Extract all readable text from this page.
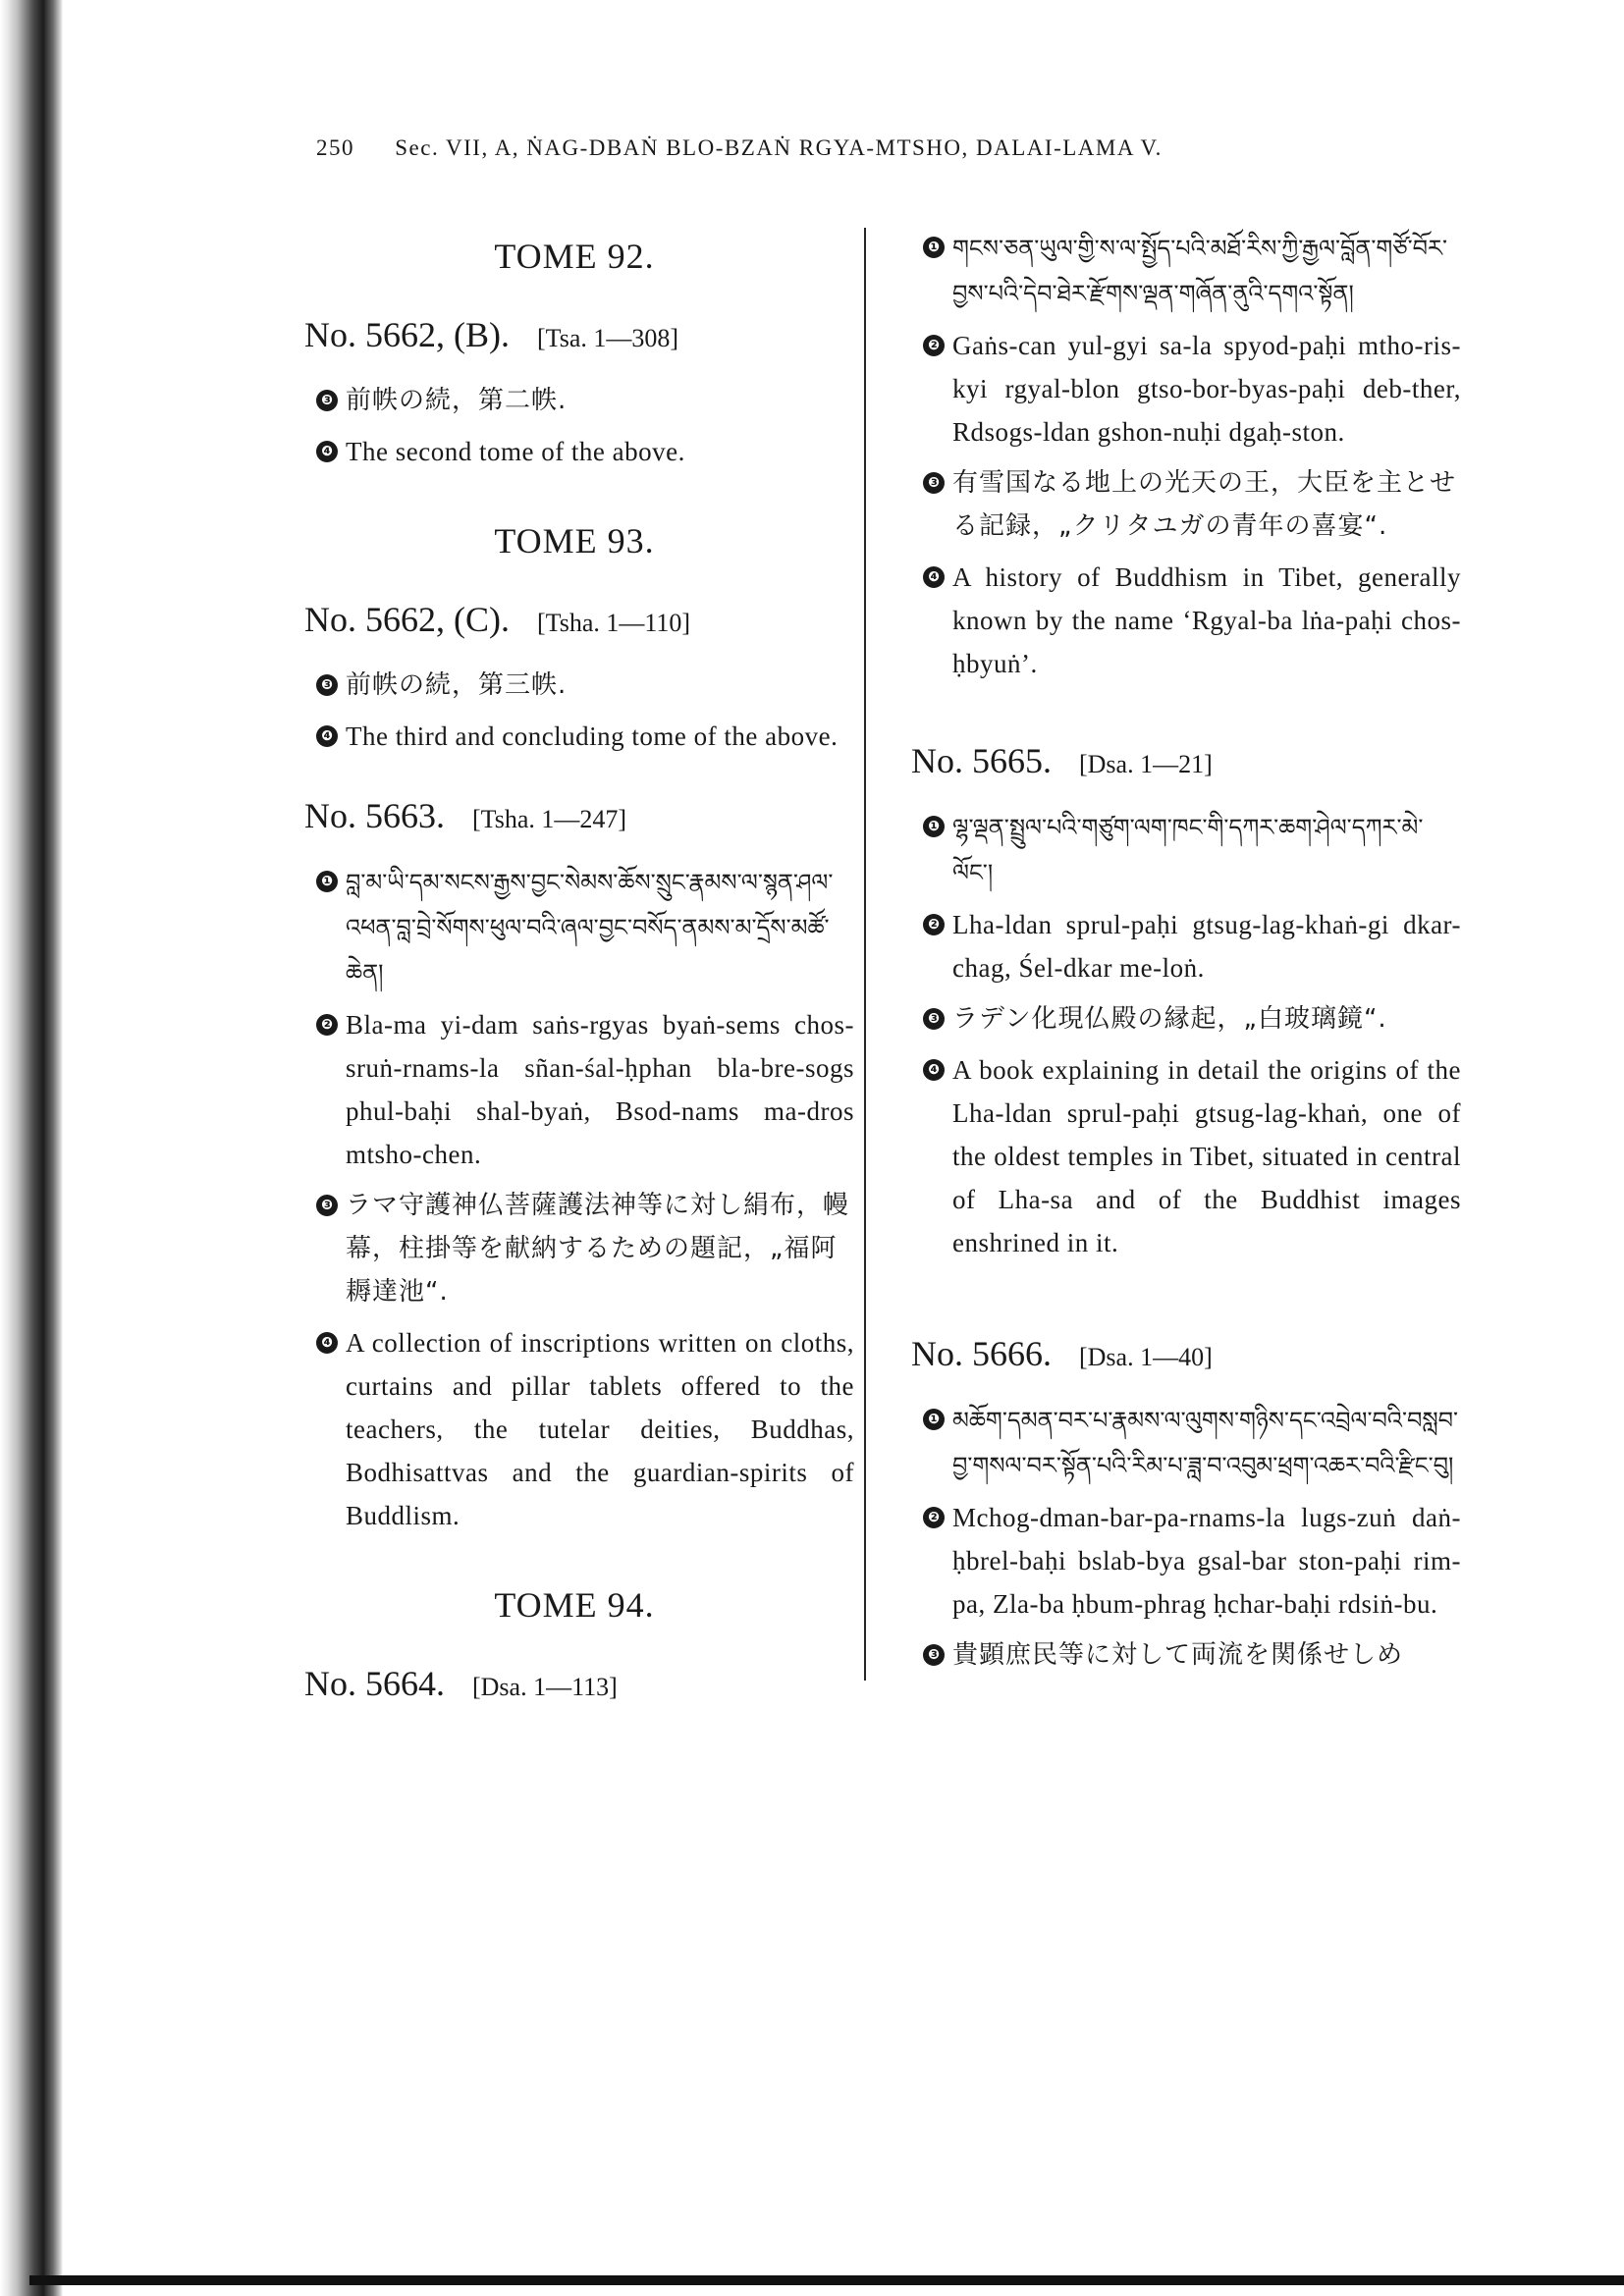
250 Sec. VII, A, ṄAG-DBAṄ BLO-BZAṄ RGYA-MTSHO, DALAI-LAMA V.
TOME 92.
No. 5662, (B). [Tsa. 1—308]
❸ 前帙の続，第二帙.
❹ The second tome of the above.
TOME 93.
No. 5662, (C). [Tsha. 1—110]
❸ 前帙の続，第三帙.
❹ The third and concluding tome of the above.
No. 5663. [Tsha. 1—247]
❶ བླ་མ་ཡི་དམ་སངས་རྒྱས་བྱང་སེམས་ཆོས་སྲུང་རྣམས་ལ་སྙན་ཤལ་འཕན་བླ་བྲེ་སོགས་ཕུལ་བའི་ཞལ་བྱང་བསོད་ནམས་མ་དྲོས་མཚོ་ཆེན།
❷ Bla-ma yi-dam saṅs-rgyas byaṅ-sems chos-sruṅ-rnams-la sñan-śal-ḥphan bla-bre-sogs phul-baḥi shal-byaṅ, Bsod-nams ma-dros mtsho-chen.
❸ ラマ守護神仏菩薩護法神等に対し絹布，幔幕，柱掛等を献納するための題記，„福阿耨達池“.
❹ A collection of inscriptions written on cloths, curtains and pillar tablets offered to the teachers, the tutelar deities, Buddhas, Bodhisattvas and the guardian-spirits of Buddlism.
TOME 94.
No. 5664. [Dsa. 1—113]
❶ གངས་ཅན་ཡུལ་གྱི་ས་ལ་སྤྱོད་པའི་མཐོ་རིས་ཀྱི་རྒྱལ་བློན་གཙོ་བོར་བྱས་པའི་དེབ་ཐེར་རྫོགས་ལྡན་གཞོན་ནུའི་དགའ་སྟོན།
❷ Gaṅs-can yul-gyi sa-la spyod-paḥi mtho-ris-kyi rgyal-blon gtso-bor-byas-paḥi deb-ther, Rdsogs-ldan gshon-nuḥi dgaḥ-ston.
❸ 有雪国なる地上の光天の王，大臣を主とせる記録，„クリタユガの青年の喜宴“.
❹ A history of Buddhism in Tibet, generally known by the name ‘Rgyal-ba lṅa-paḥi chos-ḥbyuṅ’.
No. 5665. [Dsa. 1—21]
❶ ལྷ་ལྡན་སྤྲུལ་པའི་གཙུག་ལག་ཁང་གི་དཀར་ཆག་ཤེལ་དཀར་མེ་ལོང་།
❷ Lha-ldan sprul-paḥi gtsug-lag-khaṅ-gi dkar-chag, Śel-dkar me-loṅ.
❸ ラデン化現仏殿の縁起，„白玻璃鏡“.
❹ A book explaining in detail the origins of the Lha-ldan sprul-paḥi gtsug-lag-khaṅ, one of the oldest temples in Tibet, situated in central of Lha-sa and of the Buddhist images enshrined in it.
No. 5666. [Dsa. 1—40]
❶ མཆོག་དམན་བར་པ་རྣམས་ལ་ལུགས་གཉིས་དང་འབྲེལ་བའི་བསླབ་བྱ་གསལ་བར་སྟོན་པའི་རིམ་པ་ཟླ་བ་འབུམ་ཕྲག་འཆར་བའི་རྫིང་བུ།
❷ Mchog-dman-bar-pa-rnams-la lugs-zuṅ daṅ-ḥbrel-baḥi bslab-bya gsal-bar ston-paḥi rim-pa, Zla-ba ḥbum-phrag ḥchar-baḥi rdsiṅ-bu.
❸ 貴顕庶民等に対して両流を関係せしめ
